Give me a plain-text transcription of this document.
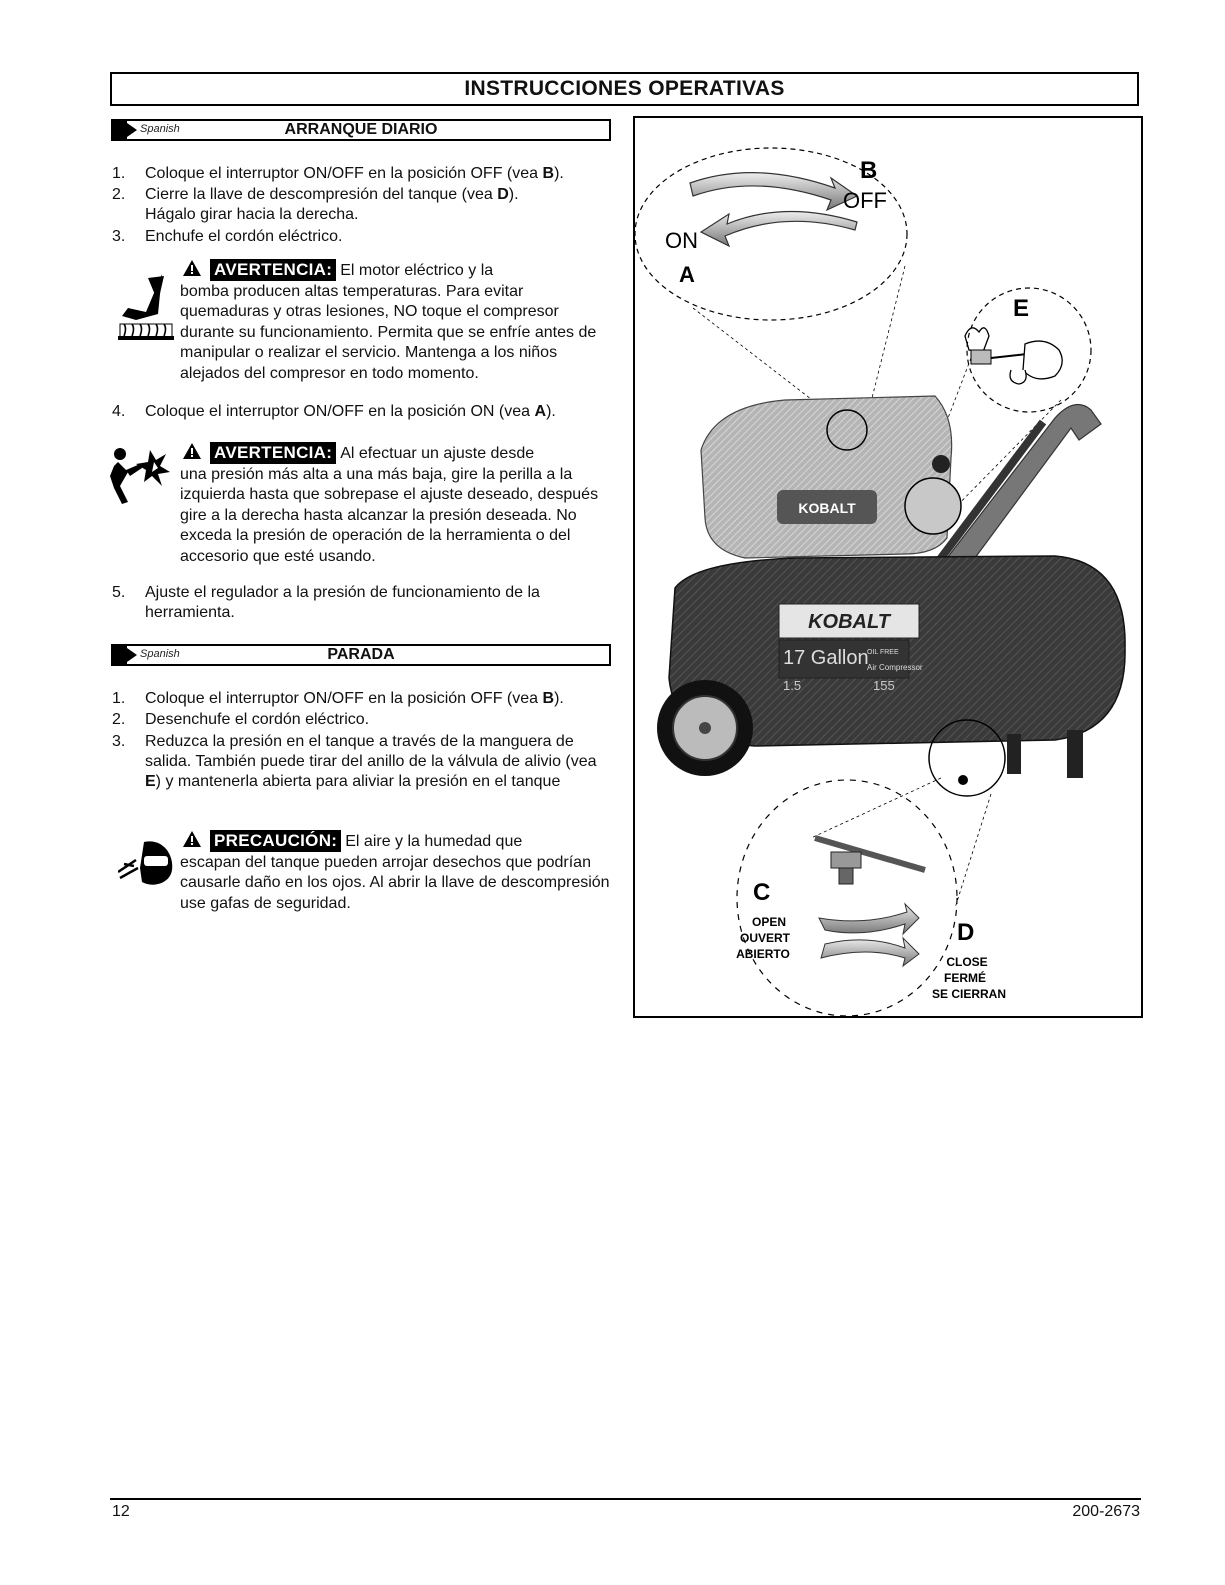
INSTRUCCIONES OPERATIVAS
Spanish	ARRANQUE DIARIO
1. Coloque el interruptor ON/OFF en la posición OFF (vea B).
2. Cierre la llave de descompresión del tanque (vea D). Hágalo girar hacia la derecha.
3. Enchufe el cordón eléctrico.
AVERTENCIA: El motor eléctrico y la
bomba producen altas temperaturas. Para evitar quemaduras y otras lesiones, NO toque el compresor durante su funcionamiento. Permita que se enfríe antes de manipular o realizar el servicio. Mantenga a los niños alejados del compresor en todo momento.
4. Coloque el interruptor ON/OFF en la posición ON (vea A).
AVERTENCIA: Al efectuar un ajuste desde
una presión más alta a una más baja, gire la perilla a la izquierda hasta que sobrepase el ajuste deseado, después gire a la derecha hasta alcanzar la presión deseada. No exceda la presión de operación de la herramienta o del accesorio que esté usando.
5. Ajuste el regulador a la presión de funcionamiento de la herramienta.
Spanish	PARADA
1. Coloque el interruptor ON/OFF en la posición OFF (vea B).
2. Desenchufe el cordón eléctrico.
3. Reduzca la presión en el tanque a través de la manguera de salida. También puede tirar del anillo de la válvula de alivio (vea E) y mantenerla abierta para aliviar la presión en el tanque
PRECAUCIÓN: El aire y la humedad que
escapan del tanque pueden arrojar desechos que podrían causarle daño en los ojos. Al abrir la llave de descompresión use gafas de seguridad.
B
OFF
ON
A
E
KOBALT
KOBALT
17 Gallon
OIL FREE
Air Compressor
1.5	155
C
D
OPEN
OUVERT
ABIERTO
CLOSE
FERMÉ
SE CIERRAN
12	200-2673
